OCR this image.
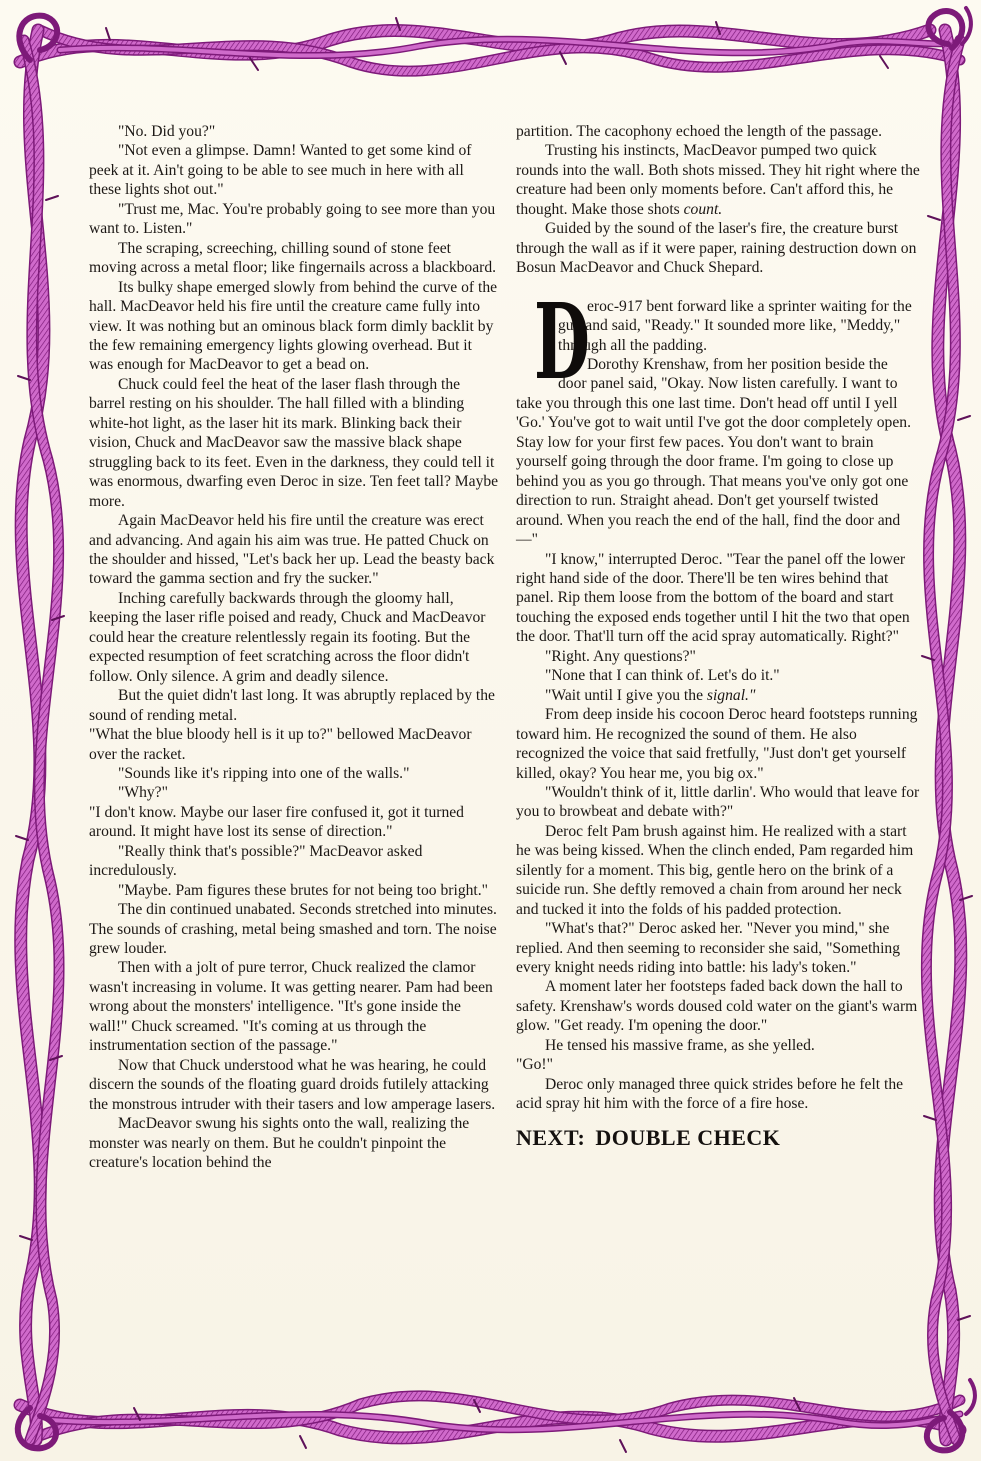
"No. Did you?"

"Not even a glimpse. Damn! Wanted to get some kind of peek at it. Ain't going to be able to see much in here with all these lights shot out."

"Trust me, Mac. You're probably going to see more than you want to. Listen."

The scraping, screeching, chilling sound of stone feet moving across a metal floor; like fingernails across a blackboard.

Its bulky shape emerged slowly from behind the curve of the hall. MacDeavor held his fire until the creature came fully into view. It was nothing but an ominous black form dimly backlit by the few remaining emergency lights glowing overhead. But it was enough for MacDeavor to get a bead on.

Chuck could feel the heat of the laser flash through the barrel resting on his shoulder. The hall filled with a blinding white-hot light, as the laser hit its mark. Blinking back their vision, Chuck and MacDeavor saw the massive black shape struggling back to its feet. Even in the darkness, they could tell it was enormous, dwarfing even Deroc in size. Ten feet tall? Maybe more.

Again MacDeavor held his fire until the creature was erect and advancing. And again his aim was true. He patted Chuck on the shoulder and hissed, "Let's back her up. Lead the beasty back toward the gamma section and fry the sucker."

Inching carefully backwards through the gloomy hall, keeping the laser rifle poised and ready, Chuck and MacDeavor could hear the creature relentlessly regain its footing. But the expected resumption of feet scratching across the floor didn't follow. Only silence. A grim and deadly silence.

But the quiet didn't last long. It was abruptly replaced by the sound of rending metal.

"What the blue bloody hell is it up to?" bellowed MacDeavor over the racket.

"Sounds like it's ripping into one of the walls."

"Why?"

"I don't know. Maybe our laser fire confused it, got it turned around. It might have lost its sense of direction."

"Really think that's possible?" MacDeavor asked incredulously.

"Maybe. Pam figures these brutes for not being too bright."

The din continued unabated. Seconds stretched into minutes. The sounds of crashing, metal being smashed and torn. The noise grew louder.

Then with a jolt of pure terror, Chuck realized the clamor wasn't increasing in volume. It was getting nearer. Pam had been wrong about the monsters' intelligence. "It's gone inside the wall!" Chuck screamed. "It's coming at us through the instrumentation section of the passage."

Now that Chuck understood what he was hearing, he could discern the sounds of the floating guard droids futilely attacking the monstrous intruder with their tasers and low amperage lasers.

MacDeavor swung his sights onto the wall, realizing the monster was nearly on them. But he couldn't pinpoint the creature's location behind the

partition. The cacophony echoed the length of the passage.

Trusting his instincts, MacDeavor pumped two quick rounds into the wall. Both shots missed. They hit right where the creature had been only moments before. Can't afford this, he thought. Make those shots count.

Guided by the sound of the laser's fire, the creature burst through the wall as if it were paper, raining destruction down on Bosun MacDeavor and Chuck Shepard.

D
eroc-917 bent forward like a sprinter waiting for the gun and said, "Ready." It sounded more like, "Meddy," through all the padding.

Dorothy Krenshaw, from her position beside the door panel said, "Okay. Now listen carefully. I want to take you through this one last time. Don't head off until I yell 'Go.' You've got to wait until I've got the door completely open. Stay low for your first few paces. You don't want to brain yourself going through the door frame. I'm going to close up behind you as you go through. That means you've only got one direction to run. Straight ahead. Don't get yourself twisted around. When you reach the end of the hall, find the door and —"

"I know," interrupted Deroc. "Tear the panel off the lower right hand side of the door. There'll be ten wires behind that panel. Rip them loose from the bottom of the board and start touching the exposed ends together until I hit the two that open the door. That'll turn off the acid spray automatically. Right?"

"Right. Any questions?"

"None that I can think of. Let's do it."

"Wait until I give you the signal."

From deep inside his cocoon Deroc heard footsteps running toward him. He recognized the sound of them. He also recognized the voice that said fretfully, "Just don't get yourself killed, okay? You hear me, you big ox."

"Wouldn't think of it, little darlin'. Who would that leave for you to browbeat and debate with?"

Deroc felt Pam brush against him. He realized with a start he was being kissed. When the clinch ended, Pam regarded him silently for a moment. This big, gentle hero on the brink of a suicide run. She deftly removed a chain from around her neck and tucked it into the folds of his padded protection.

"What's that?" Deroc asked her. "Never you mind," she replied. And then seeming to reconsider she said, "Something every knight needs riding into battle: his lady's token."

A moment later her footsteps faded back down the hall to safety. Krenshaw's words doused cold water on the giant's warm glow. "Get ready. I'm opening the door."

He tensed his massive frame, as she yelled.

"Go!"

Deroc only managed three quick strides before he felt the acid spray hit him with the force of a fire hose.

NEXT: DOUBLE CHECK
